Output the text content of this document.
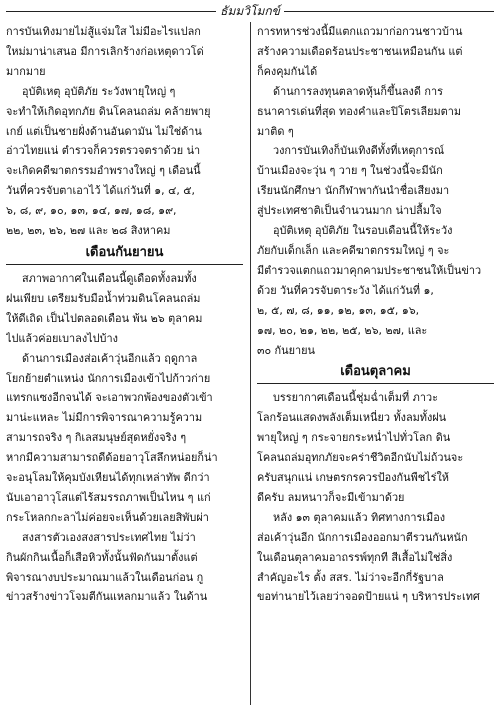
ธัมมวิโมกข์
การบันเทิงมายไม่สู้แจ่มใส ไม่มีอะไรแปลก
ใหม่มาน่าเสนอ มีการเลิกร้างก่อเหตุดาวโด่
มากมาย
อุบัติเหตุ อุบัติภัย ระวังพายุใหญ่ ๆ
จะทำให้เกิดอุทกภัย ดินโคลนถล่ม คล้ายพายุ
เกย์ แต่เป็นชายฝั่งด้านอันดามัน ไม่ใช่ด้าน
อ่าวไทยแน่ ตำรวจก็ควรตรวจตราด้วย น่า
จะเกิดคดีฆาตกรรมอำพรางใหญ่ ๆ เดือนนี้
วันที่ควรจับตาเอาไว้ ได้แก่วันที่ ๑, ๔, ๕,
๖, ๘, ๙, ๑๐, ๑๓, ๑๔, ๑๗, ๑๘, ๑๙,
๒๒, ๒๓, ๒๖, ๒๗ และ ๒๘ สิงหาคม
เดือนกันยายน
สภาพอากาศในเดือนนี้ดูเดือดทั้งลมทั้ง
ฝนเพียบ เตรียมรับมือน้ำท่วมดินโคลนถล่ม
ให้ดีเถิด เป็นไปตลอดเดือน พ้น ๒๖ ตุลาคม
ไปแล้วค่อยเบาลงไปบ้าง
ด้านการเมืองส่อเค้าวุ่นอีกแล้ว ฤดูกาล
โยกย้ายตำแหน่ง นักการเมืองเข้าไปก้าวก่าย
แทรกแซงอีกจนได้ จะเอาพวกพ้องของตัวเข้า
มาน่ะแหละ ไม่มีการพิจารณาความรู้ความ
สามารถจริง ๆ กิเลสมนุษย์สุดหยั่งจริง ๆ
หากมีความสามารถดีด้อยอาวุโสลึกหน่อยก็น่า
จะอนุโลมให้คุมบังเหียนได้ทุกเหล่าทัพ ดีกว่า
นับเอาอาวุโสแต่ไร้สมรรถภาพเป็นไหน ๆ แก่
กระโหลกกะลาไม่ค่อยจะเห็นด้วยเลยสิพับผ่า
สงสารตัวเองสงสารประเทศไทย ไม่ว่า
กินผักกินเนื้อก็เสือหิวทั้งนั้นฟัดกันมาตั้งแต่
พิจารณางบประมาณมาแล้วในเดือนก่อน กู
ข่าวสร้างข่าวโจมตีกันแหลกมาแล้ว ในด้าน
การทหารช่วงนี้มีแตกแถวมาก่อกวนชาวบ้าน
สร้างความเดือดร้อนประชาชนเหมือนกัน แต่
ก็คงคุมกันได้
ด้านการลงทุนตลาดหุ้นก็ขึ้นลงดี การ
ธนาคารเด่นที่สุด ทองคำและปิโตรเลียมตาม
มาติด ๆ
วงการบันเทิงก็บันเทิงดีทั้งที่เหตุการณ์
บ้านเมืองจะวุ่น ๆ วาย ๆ ในช่วงนี้จะมีนัก
เรียนนักศึกษา นักกีฬาพากันนำชื่อเสียงมา
สู่ประเทศชาติเป็นจำนวนมาก น่าปลื้มใจ
อุบัติเหตุ อุบัติภัย ในรอบเดือนนี้ให้ระวัง
ภัยกับเด็กเล็ก และคดีฆาตกรรมใหญ่ ๆ จะ
มีตำรวจแตกแถวมาคุกคามประชาชนให้เป็นข่าว
ด้วย วันที่ควรจับตาระวัง ได้แก่วันที่ ๑,
๒, ๕, ๗, ๘, ๑๑, ๑๒, ๑๓, ๑๕, ๑๖,
๑๗, ๒๐, ๒๑, ๒๒, ๒๕, ๒๖, ๒๗, และ
๓๐ กันยายน
เดือนตุลาคม
บรรยากาศเดือนนี้ชุ่มฉ่ำเต็มที่ ภาวะ
โลกร้อนแสดงพลังเต็มเหนี่ยว ทั้งลมทั้งฝน
พายุใหญ่ ๆ กระจายกระหน่ำไปทั่วโลก ดิน
โคลนถล่มอุทกภัยจะคร่าชีวิตอีกนับไม่ถ้วนจะ
ครับสนุกแน่ เกษตรกรควรป้องกันพืชไร่ให้
ดีครับ ลมหนาวก็จะมีเข้ามาด้วย
หลัง ๑๓ ตุลาคมแล้ว ทิศทางการเมือง
ส่อเค้าวุ่นอีก นักการเมืองออกมาตีรวนกันหนัก
ในเดือนตุลาคมอาถรรพ์ทุกที สีเสื้อไม่ใช่สิ่ง
สำคัญอะไร ตั้ง สสร. ไม่ว่าจะอีกกี่รัฐบาล
ขอท่านายไว้เลยว่าจอดป้ายแน่ ๆ บริหารประเทศ
